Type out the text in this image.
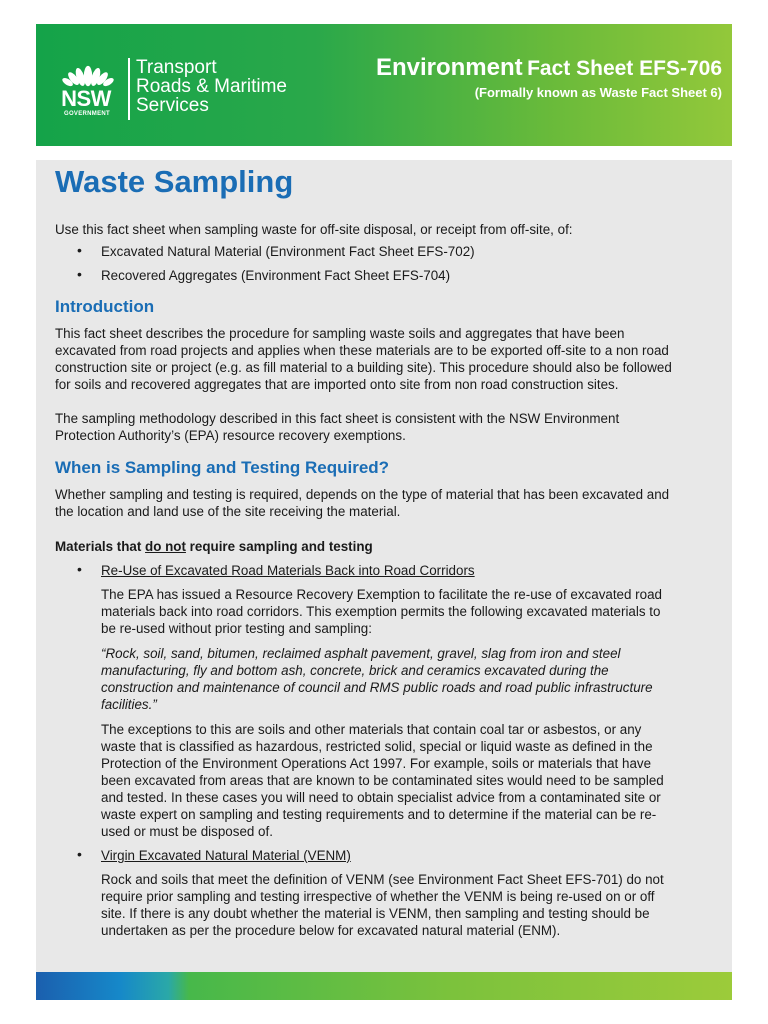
NSW
GOVERNMENT
Transport
Roads & Maritime
Services
Environment Fact Sheet EFS-706
(Formally known as Waste Fact Sheet 6)
Waste Sampling
Use this fact sheet when sampling waste for off-site disposal, or receipt from off-site, of:
• Excavated Natural Material (Environment Fact Sheet EFS-702)
• Recovered Aggregates (Environment Fact Sheet EFS-704)
Introduction
This fact sheet describes the procedure for sampling waste soils and aggregates that have been
excavated from road projects and applies when these materials are to be exported off-site to a non road
construction site or project (e.g. as fill material to a building site). This procedure should also be followed
for soils and recovered aggregates that are imported onto site from non road construction sites.
The sampling methodology described in this fact sheet is consistent with the NSW Environment
Protection Authority’s (EPA) resource recovery exemptions.
When is Sampling and Testing Required?
Whether sampling and testing is required, depends on the type of material that has been excavated and
the location and land use of the site receiving the material.
Materials that do not require sampling and testing
• Re-Use of Excavated Road Materials Back into Road Corridors
The EPA has issued a Resource Recovery Exemption to facilitate the re-use of excavated road
materials back into road corridors. This exemption permits the following excavated materials to
be re-used without prior testing and sampling:
“Rock, soil, sand, bitumen, reclaimed asphalt pavement, gravel, slag from iron and steel
manufacturing, fly and bottom ash, concrete, brick and ceramics excavated during the
construction and maintenance of council and RMS public roads and road public infrastructure
facilities.”
The exceptions to this are soils and other materials that contain coal tar or asbestos, or any
waste that is classified as hazardous, restricted solid, special or liquid waste as defined in the
Protection of the Environment Operations Act 1997. For example, soils or materials that have
been excavated from areas that are known to be contaminated sites would need to be sampled
and tested. In these cases you will need to obtain specialist advice from a contaminated site or
waste expert on sampling and testing requirements and to determine if the material can be re-
used or must be disposed of.
• Virgin Excavated Natural Material (VENM)
Rock and soils that meet the definition of VENM (see Environment Fact Sheet EFS-701) do not
require prior sampling and testing irrespective of whether the VENM is being re-used on or off
site. If there is any doubt whether the material is VENM, then sampling and testing should be
undertaken as per the procedure below for excavated natural material (ENM).
